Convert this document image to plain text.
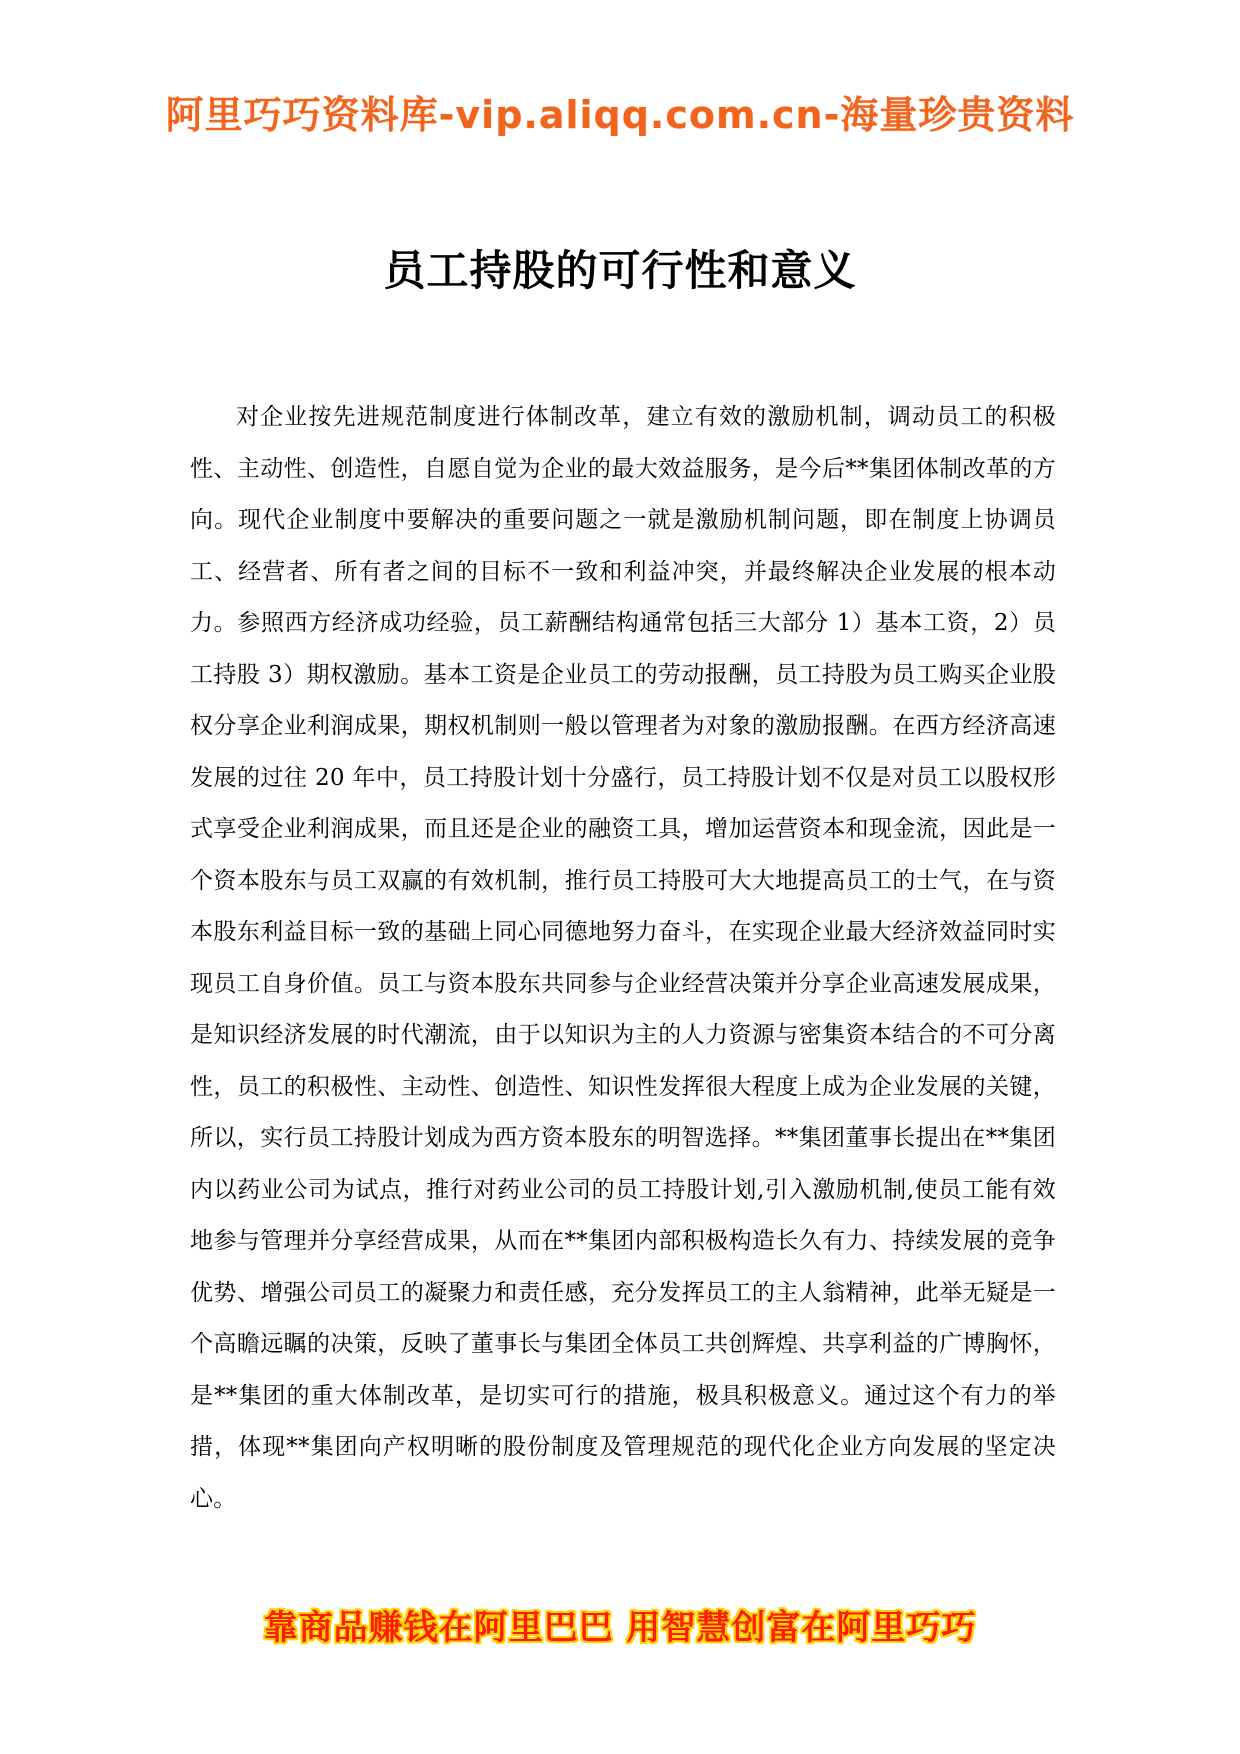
阿里巧巧资料库-vip.aliqq.com.cn-海量珍贵资料
员工持股的可行性和意义

对企业按先进规范制度进行体制改革，建立有效的激励机制，调动员工的积极性、主动性、创造性，自愿自觉为企业的最大效益服务，是今后**集团体制改革的方向。现代企业制度中要解决的重要问题之一就是激励机制问题，即在制度上协调员工、经营者、所有者之间的目标不一致和利益冲突，并最终解决企业发展的根本动力。参照西方经济成功经验，员工薪酬结构通常包括三大部分 1）基本工资，2）员工持股 3）期权激励。基本工资是企业员工的劳动报酬，员工持股为员工购买企业股权分享企业利润成果，期权机制则一般以管理者为对象的激励报酬。在西方经济高速发展的过往 20 年中，员工持股计划十分盛行，员工持股计划不仅是对员工以股权形式享受企业利润成果，而且还是企业的融资工具，增加运营资本和现金流，因此是一个资本股东与员工双赢的有效机制，推行员工持股可大大地提高员工的士气，在与资本股东利益目标一致的基础上同心同德地努力奋斗，在实现企业最大经济效益同时实现员工自身价值。员工与资本股东共同参与企业经营决策并分享企业高速发展成果，是知识经济发展的时代潮流，由于以知识为主的人力资源与密集资本结合的不可分离性，员工的积极性、主动性、创造性、知识性发挥很大程度上成为企业发展的关键，所以，实行员工持股计划成为西方资本股东的明智选择。**集团董事长提出在**集团内以药业公司为试点，推行对药业公司的员工持股计划,引入激励机制,使员工能有效地参与管理并分享经营成果，从而在**集团内部积极构造长久有力、持续发展的竞争优势、增强公司员工的凝聚力和责任感，充分发挥员工的主人翁精神，此举无疑是一个高瞻远瞩的决策，反映了董事长与集团全体员工共创辉煌、共享利益的广博胸怀，是**集团的重大体制改革，是切实可行的措施，极具积极意义。通过这个有力的举措，体现**集团向产权明晰的股份制度及管理规范的现代化企业方向发展的坚定决心。

靠商品赚钱在阿里巴巴 用智慧创富在阿里巧巧
